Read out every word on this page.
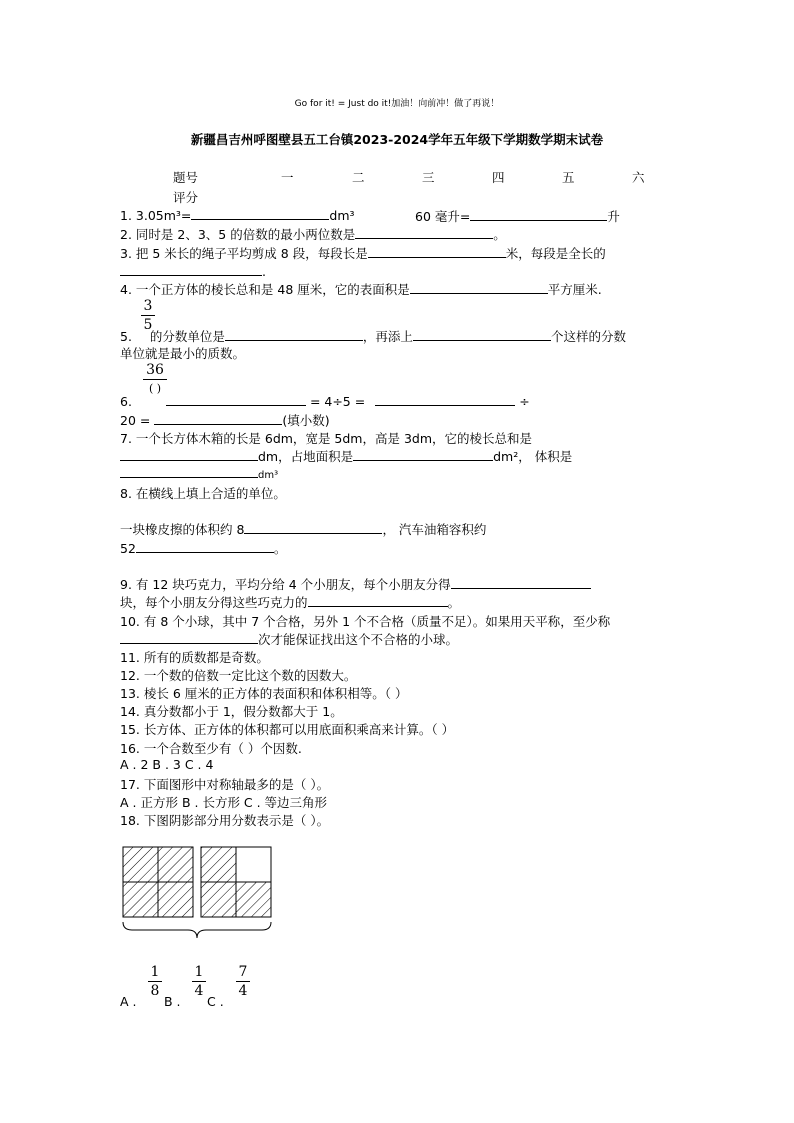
Go for it! = Just do it!加油！向前冲！做了再说！
新疆昌吉州呼图壁县五工台镇2023-2024学年五年级下学期数学期末试卷
题号	一	二	三	四	五	六
评分
1. 3.05m³=	dm³	60 毫升=	升
2. 同时是 2、3、5 的倍数的最小两位数是	。
3. 把 5 米长的绳子平均剪成 8 段，每段长是	米，每段是全长的
.
4. 一个正方体的棱长总和是 48 厘米，它的表面积是	平方厘米.
3
5
5. 的分数单位是	，再添上	个这样的分数
单位就是最小的质数。
36
( )
6.	= 4÷5 =	÷
20 =	(填小数)
7. 一个长方体木箱的长是 6dm，宽是 5dm，高是 3dm，它的棱长总和是
dm，占地面积是	dm²， 体积是
dm³
8. 在横线上填上合适的单位。
一块橡皮擦的体积约 8	， 汽车油箱容积约
52	。
9. 有 12 块巧克力，平均分给 4 个小朋友，每个小朋友分得
块，每个小朋友分得这些巧克力的	。
10. 有 8 个小球，其中 7 个合格，另外 1 个不合格（质量不足）。如果用天平称，至少称
次才能保证找出这个不合格的小球。
11. 所有的质数都是奇数。
12. 一个数的倍数一定比这个数的因数大。
13. 棱长 6 厘米的正方体的表面积和体积相等。（ ）
14. 真分数都小于 1，假分数都大于 1。
15. 长方体、正方体的体积都可以用底面积乘高来计算。（ ）
16. 一个合数至少有（ ）个因数.
A . 2 B . 3 C . 4
17. 下面图形中对称轴最多的是（ ）。
A . 正方形 B . 长方形 C . 等边三角形
18. 下图阴影部分用分数表示是（ ）。
A .
1
8
B .
1
4
C .
7
4
